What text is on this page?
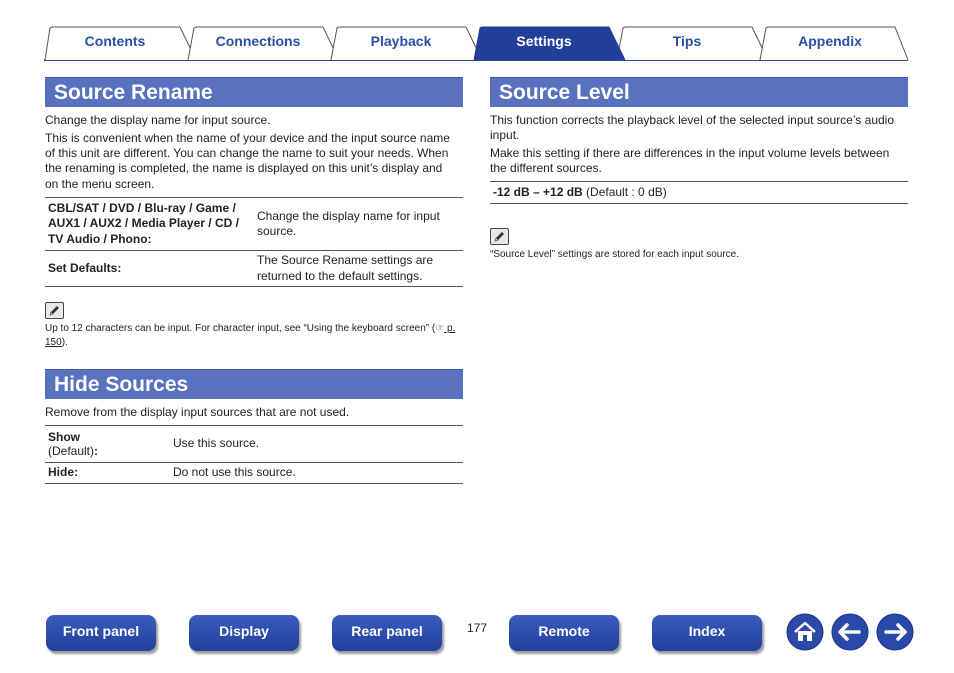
Contents	Connections	Playback	Settings	Tips	Appendix
Source Rename
Change the display name for input source.
This is convenient when the name of your device and the input source name of this unit are different. You can change the name to suit your needs. When the renaming is completed, the name is displayed on this unit’s display and on the menu screen.
CBL/SAT / DVD / Blu-ray / Game / AUX1 / AUX2 / Media Player / CD / TV Audio / Phono:	Change the display name for input source.
Set Defaults:	The Source Rename settings are returned to the default settings.
Up to 12 characters can be input. For character input, see “Using the keyboard screen” (☞ p. 150).
Hide Sources
Remove from the display input sources that are not used.
Show
(Default):	Use this source.
Hide:	Do not use this source.
Source Level
This function corrects the playback level of the selected input source’s audio input.
Make this setting if there are differences in the input volume levels between the different sources.
-12 dB – +12 dB (Default : 0 dB)
“Source Level” settings are stored for each input source.
Front panel	Display	Rear panel	177	Remote	Index
